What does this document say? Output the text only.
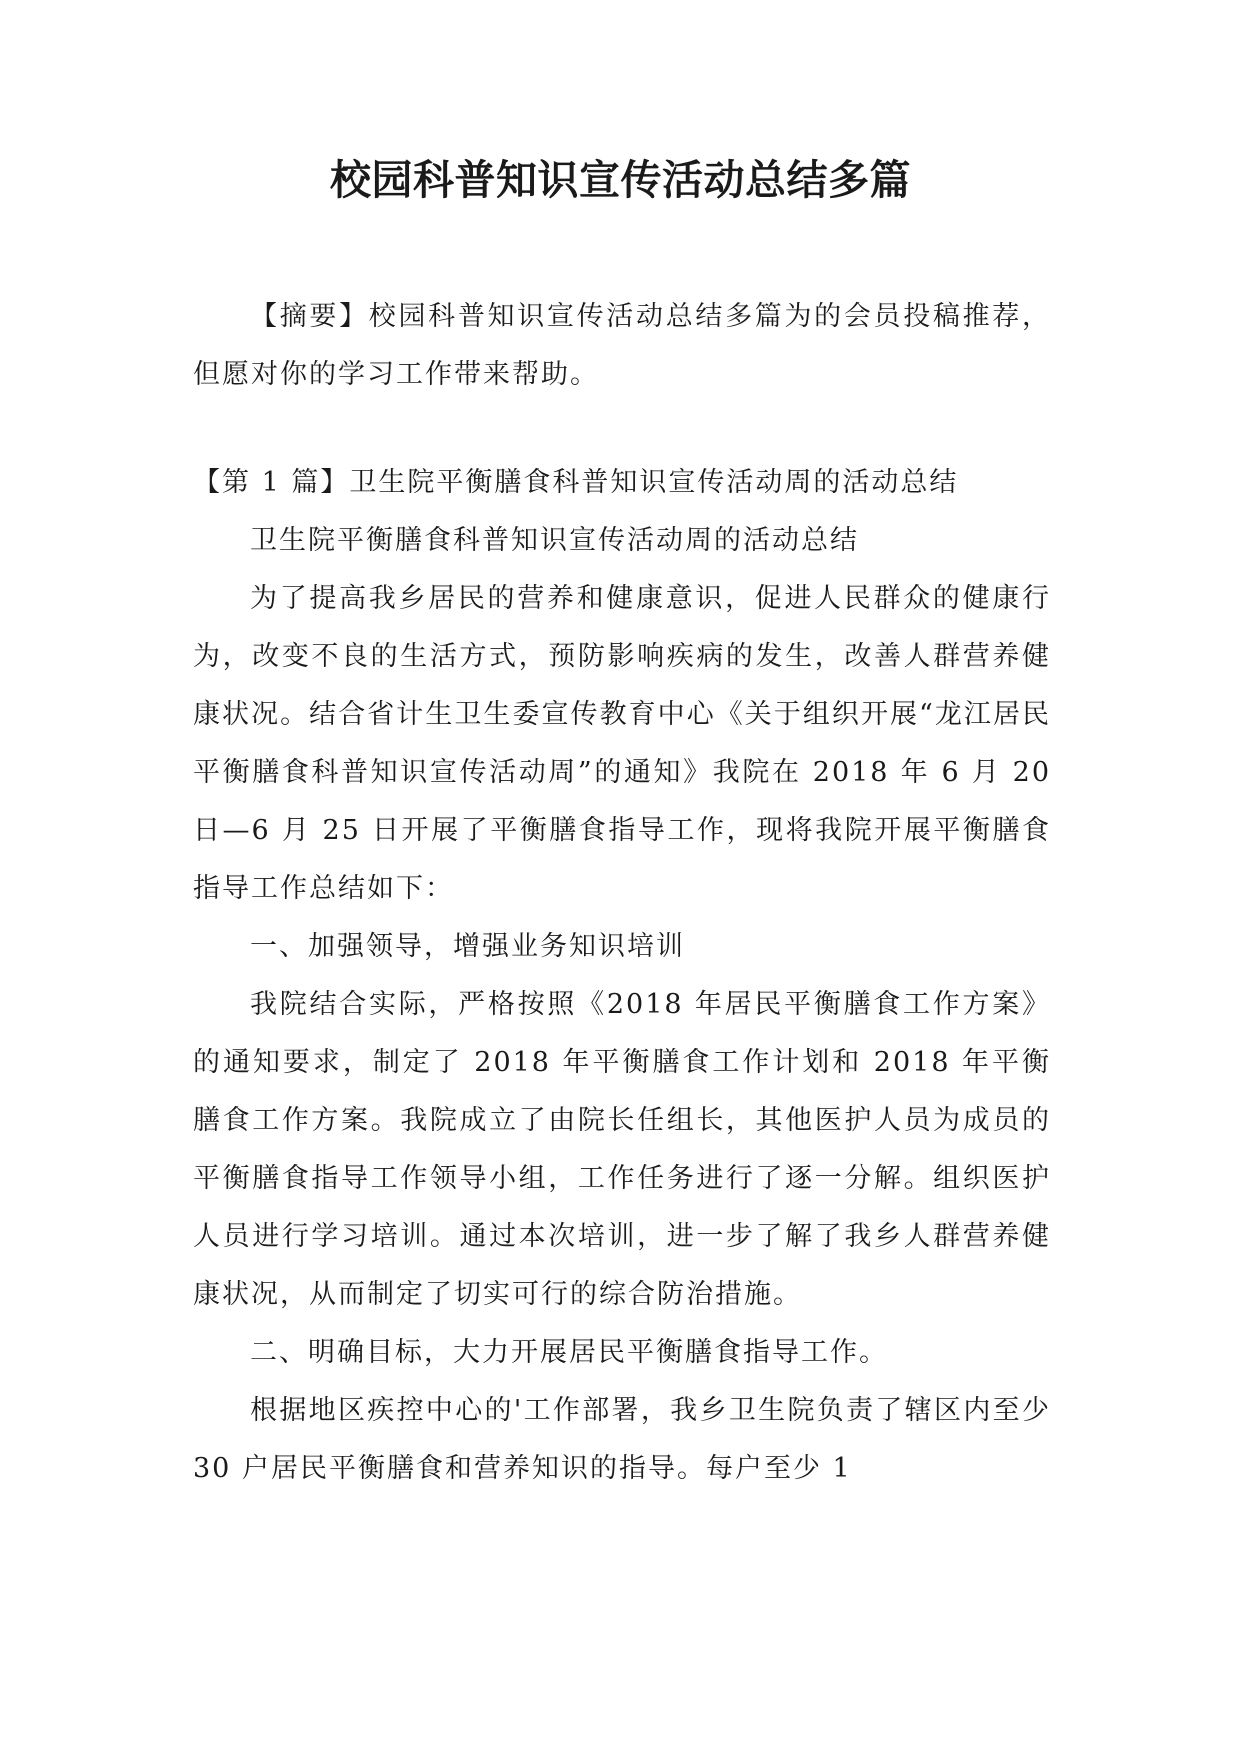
校园科普知识宣传活动总结多篇

【摘要】校园科普知识宣传活动总结多篇为的会员投稿推荐，但愿对你的学习工作带来帮助。

【第 1 篇】卫生院平衡膳食科普知识宣传活动周的活动总结

卫生院平衡膳食科普知识宣传活动周的活动总结

为了提高我乡居民的营养和健康意识，促进人民群众的健康行为，改变不良的生活方式，预防影响疾病的发生，改善人群营养健康状况。结合省计生卫生委宣传教育中心《关于组织开展“龙江居民平衡膳食科普知识宣传活动周”的通知》我院在 2018 年 6 月 20 日—6 月 25 日开展了平衡膳食指导工作，现将我院开展平衡膳食指导工作总结如下：

一、加强领导，增强业务知识培训

我院结合实际，严格按照《2018 年居民平衡膳食工作方案》的通知要求，制定了 2018 年平衡膳食工作计划和 2018 年平衡膳食工作方案。我院成立了由院长任组长，其他医护人员为成员的平衡膳食指导工作领导小组，工作任务进行了逐一分解。组织医护人员进行学习培训。通过本次培训，进一步了解了我乡人群营养健康状况，从而制定了切实可行的综合防治措施。

二、明确目标，大力开展居民平衡膳食指导工作。

根据地区疾控中心的'工作部署，我乡卫生院负责了辖区内至少 30 户居民平衡膳食和营养知识的指导。每户至少 1
